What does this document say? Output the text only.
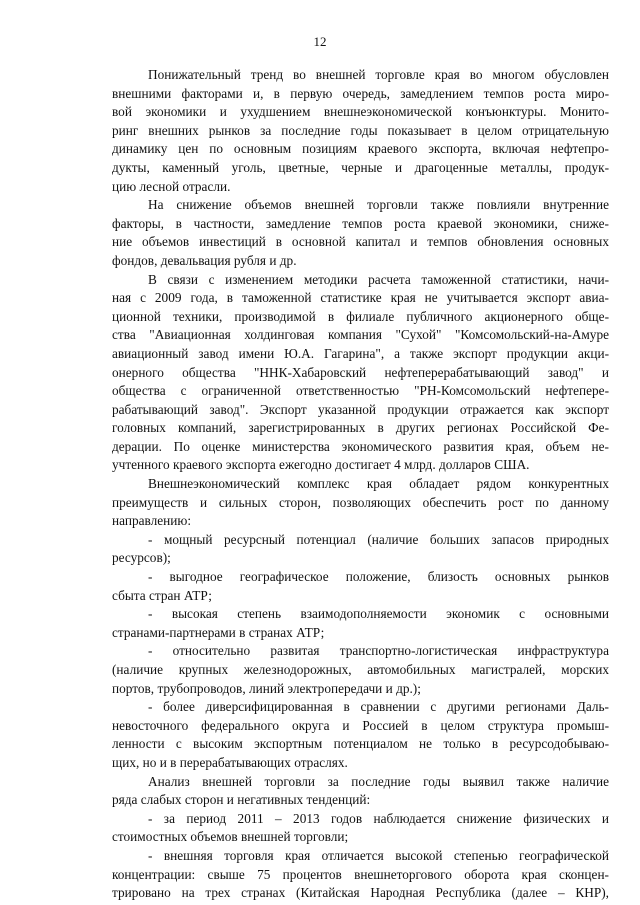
12
Понижательный тренд во внешней торговле края во многом обусловлен
внешними факторами и, в первую очередь, замедлением темпов роста миро-
вой экономики и ухудшением внешнеэкономической конъюнктуры. Монито-
ринг внешних рынков за последние годы показывает в целом отрицательную
динамику цен по основным позициям краевого экспорта, включая нефтепро-
дукты, каменный уголь, цветные, черные и драгоценные металлы, продук-
цию лесной отрасли.
На снижение объемов внешней торговли также повлияли внутренние
факторы, в частности, замедление темпов роста краевой экономики, сниже-
ние объемов инвестиций в основной капитал и темпов обновления основных
фондов, девальвация рубля и др.
В связи с изменением методики расчета таможенной статистики, начи-
ная с 2009 года, в таможенной статистике края не учитывается экспорт авиа-
ционной техники, производимой в филиале публичного акционерного обще-
ства "Авиационная холдинговая компания "Сухой" "Комсомольский-на-Амуре
авиационный завод имени Ю.А. Гагарина", а также экспорт продукции акци-
онерного общества "ННК-Хабаровский нефтеперерабатывающий завод" и
общества с ограниченной ответственностью "РН-Комсомольский нефтепере-
рабатывающий завод". Экспорт указанной продукции отражается как экспорт
головных компаний, зарегистрированных в других регионах Российской Фе-
дерации. По оценке министерства экономического развития края, объем не-
учтенного краевого экспорта ежегодно достигает 4 млрд. долларов США.
Внешнеэкономический комплекс края обладает рядом конкурентных
преимуществ и сильных сторон, позволяющих обеспечить рост по данному
направлению:
- мощный ресурсный потенциал (наличие больших запасов природных
ресурсов);
- выгодное географическое положение, близость основных рынков
сбыта стран АТР;
- высокая степень взаимодополняемости экономик с основными
странами-партнерами в странах АТР;
- относительно развитая транспортно-логистическая инфраструктура
(наличие крупных железнодорожных, автомобильных магистралей, морских
портов, трубопроводов, линий электропередачи и др.);
- более диверсифицированная в сравнении с другими регионами Даль-
невосточного федерального округа и Россией в целом структура промыш-
ленности с высоким экспортным потенциалом не только в ресурсодобываю-
щих, но и в перерабатывающих отраслях.
Анализ внешней торговли за последние годы выявил также наличие
ряда слабых сторон и негативных тенденций:
- за период 2011 – 2013 годов наблюдается снижение физических и
стоимостных объемов внешней торговли;
- внешняя торговля края отличается высокой степенью географической
концентрации: свыше 75 процентов внешнеторгового оборота края сконцен-
трировано на трех странах (Китайская Народная Республика (далее – КНР),
